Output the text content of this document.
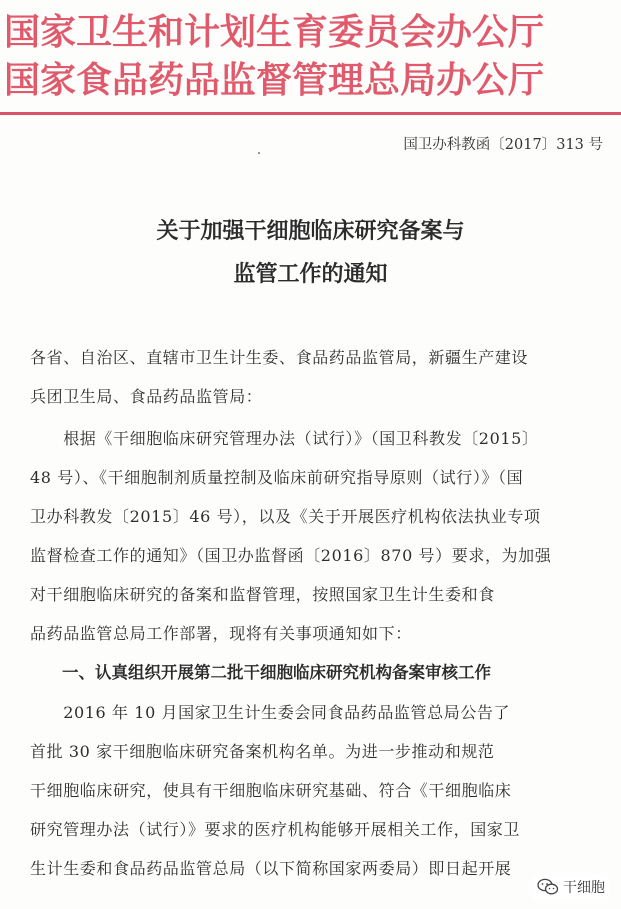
国家卫生和计划生育委员会办公厅
国家食品药品监督管理总局办公厅
国卫办科教函〔2017〕313 号
关于加强干细胞临床研究备案与
监管工作的通知
各省、自治区、直辖市卫生计生委、食品药品监管局，新疆生产建设
兵团卫生局、食品药品监管局：
　　根据《干细胞临床研究管理办法（试行）》（国卫科教发〔2015〕
48 号）、《干细胞制剂质量控制及临床前研究指导原则（试行）》（国
卫办科教发〔2015〕46 号），以及《关于开展医疗机构依法执业专项
监督检查工作的通知》（国卫办监督函〔2016〕870 号）要求，为加强
对干细胞临床研究的备案和监督管理，按照国家卫生计生委和食
品药品监管总局工作部署，现将有关事项通知如下：
一、认真组织开展第二批干细胞临床研究机构备案审核工作
　　2016 年 10 月国家卫生计生委会同食品药品监管总局公告了
首批 30 家干细胞临床研究备案机构名单。为进一步推动和规范
干细胞临床研究，使具有干细胞临床研究基础、符合《干细胞临床
研究管理办法（试行）》要求的医疗机构能够开展相关工作，国家卫
生计生委和食品药品监管总局（以下简称国家两委局）即日起开展
干细胞
